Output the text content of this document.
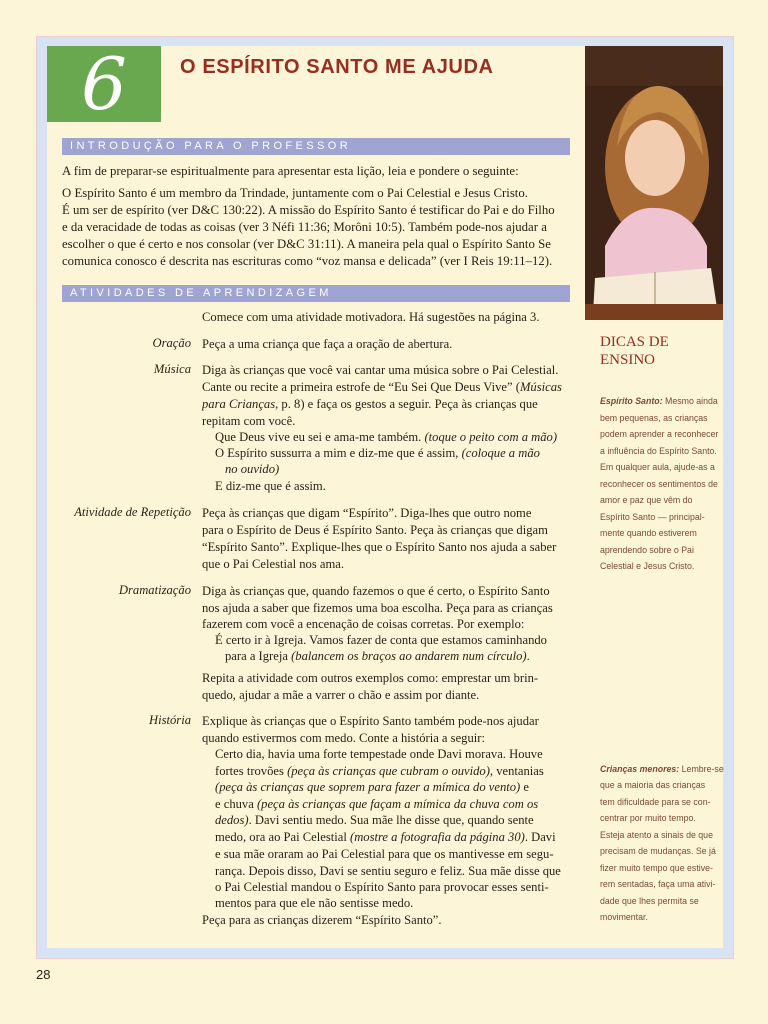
6	O ESPÍRITO SANTO ME AJUDA
INTRODUÇÃO PARA O PROFESSOR
A fim de preparar-se espiritualmente para apresentar esta lição, leia e pondere o seguinte:
O Espírito Santo é um membro da Trindade, juntamente com o Pai Celestial e Jesus Cristo.
É um ser de espírito (ver D&C 130:22). A missão do Espírito Santo é testificar do Pai e do Filho
e da veracidade de todas as coisas (ver 3 Néfi 11:36; Morôni 10:5). Também pode-nos ajudar a
escolher o que é certo e nos consolar (ver D&C 31:11). A maneira pela qual o Espírito Santo Se
comunica conosco é descrita nas escrituras como “voz mansa e delicada” (ver I Reis 19:11–12).
ATIVIDADES DE APRENDIZAGEM
Comece com uma atividade motivadora. Há sugestões na página 3.
Oração Peça a uma criança que faça a oração de abertura.
Música Diga às crianças que você vai cantar uma música sobre o Pai Celestial.
Cante ou recite a primeira estrofe de “Eu Sei Que Deus Vive” (Músicas
para Crianças, p. 8) e faça os gestos a seguir. Peça às crianças que
repitam com você.
Que Deus vive eu sei e ama-me também. (toque o peito com a mão)
O Espírito sussurra a mim e diz-me que é assim, (coloque a mão
no ouvido)
E diz-me que é assim.
Atividade de Repetição Peça às crianças que digam “Espírito”. Diga-lhes que outro nome
para o Espírito de Deus é Espírito Santo. Peça às crianças que digam
“Espírito Santo”. Explique-lhes que o Espírito Santo nos ajuda a saber
que o Pai Celestial nos ama.
Dramatização Diga às crianças que, quando fazemos o que é certo, o Espírito Santo
nos ajuda a saber que fizemos uma boa escolha. Peça para as crianças
fazerem com você a encenação de coisas corretas. Por exemplo:
É certo ir à Igreja. Vamos fazer de conta que estamos caminhando
para a Igreja (balancem os braços ao andarem num círculo).
Repita a atividade com outros exemplos como: emprestar um brin-
quedo, ajudar a mãe a varrer o chão e assim por diante.
História Explique às crianças que o Espírito Santo também pode-nos ajudar
quando estivermos com medo. Conte a história a seguir:
Certo dia, havia uma forte tempestade onde Davi morava. Houve
fortes trovões (peça às crianças que cubram o ouvido), ventanias
(peça às crianças que soprem para fazer a mímica do vento) e
e chuva (peça às crianças que façam a mímica da chuva com os
dedos). Davi sentiu medo. Sua mãe lhe disse que, quando sente
medo, ora ao Pai Celestial (mostre a fotografia da página 30). Davi
e sua mãe oraram ao Pai Celestial para que os mantivesse em segu-
rança. Depois disso, Davi se sentiu seguro e feliz. Sua mãe disse que
o Pai Celestial mandou o Espírito Santo para provocar esses senti-
mentos para que ele não sentisse medo.
Peça para as crianças dizerem “Espírito Santo”.
DICAS DE
ENSINO
Espírito Santo: Mesmo ainda
bem pequenas, as crianças
podem aprender a reconhecer
a influência do Espírito Santo.
Em qualquer aula, ajude-as a
reconhecer os sentimentos de
amor e paz que vêm do
Espírito Santo — principal-
mente quando estiverem
aprendendo sobre o Pai
Celestial e Jesus Cristo.
Crianças menores: Lembre-se
que a maioria das crianças
tem dificuldade para se con-
centrar por muito tempo.
Esteja atento a sinais de que
precisam de mudanças. Se já
fizer muito tempo que estive-
rem sentadas, faça uma ativi-
dade que lhes permita se
movimentar.
28
